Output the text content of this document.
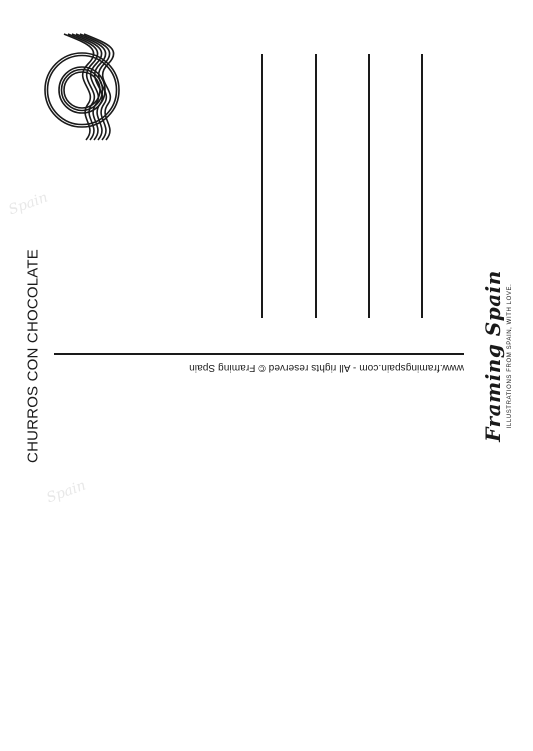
www.framingspain.com - All rights reserved © Framing Spain
CHURROS CON CHOCOLATE	Framing Spain ILLUSTRATIONS FROM SPAIN, WITH LOVE.
Spain
Spain
